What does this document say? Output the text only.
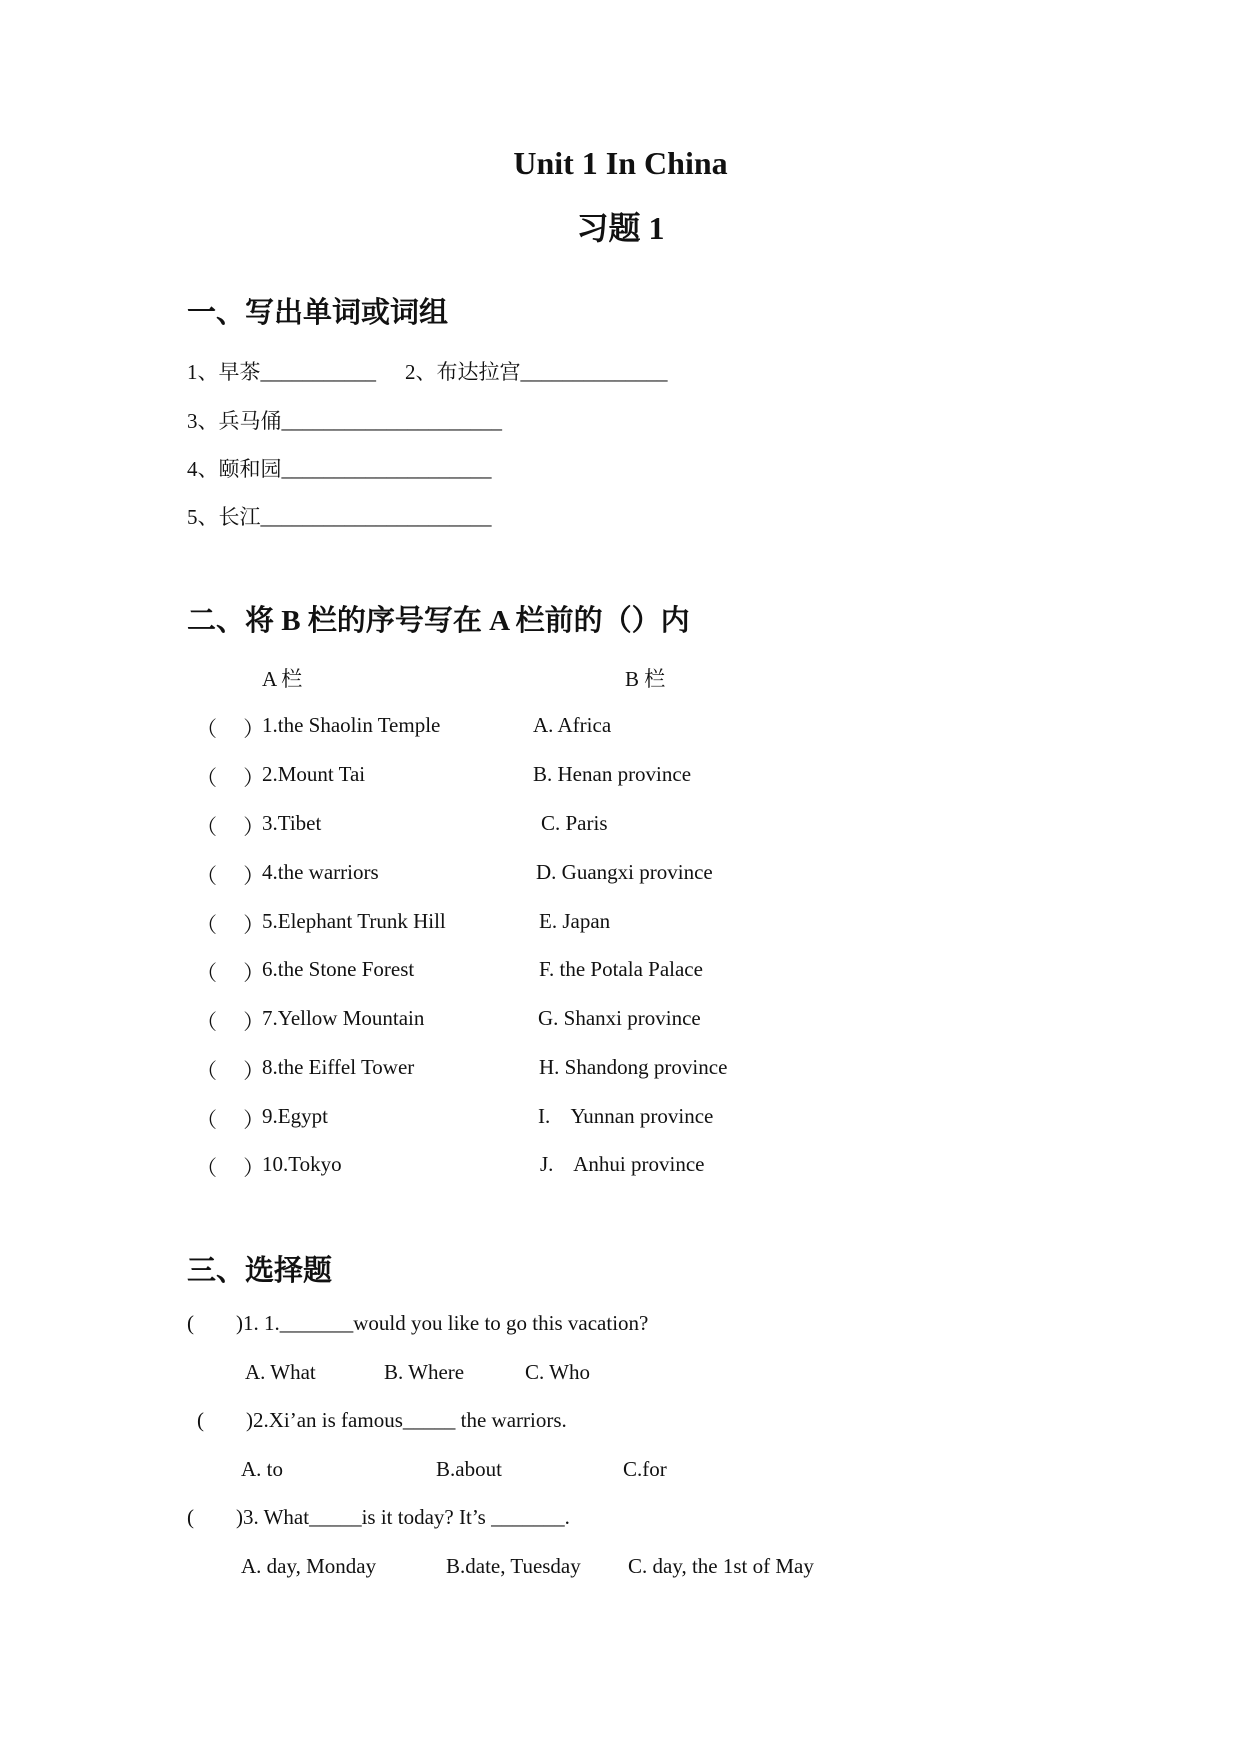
Unit 1 In China
习题 1
一、写出单词或词组
1、早茶___________ 2、布达拉宫______________
3、兵马俑_____________________
4、颐和园____________________
5、长江______________________
二、将 B 栏的序号写在 A 栏前的（）内
A 栏	B 栏
（　 ）
1.the Shaolin Temple	A. Africa
（　 ）
2.Mount Tai	B. Henan province
（　 ）
3.Tibet	C. Paris
（　 ）
4.the warriors	D. Guangxi province
（　 ）
5.Elephant Trunk Hill	E. Japan
（　 ）
6.the Stone Forest	F. the Potala Palace
（　 ）
7.Yellow Mountain	G. Shanxi province
（　 ）
8.the Eiffel Tower	H. Shandong province
（　 ）
9.Egypt	I.    Yunnan province
（　 ）
10.Tokyo	J.    Anhui province
三、选择题
(        )1. 1._______would you like to go this vacation?
A. What	B. Where	C. Who
(        )2.Xi’an is famous_____ the warriors.
A. to	B.about	C.for
(        )3. What_____is it today? It’s _______.
A. day, Monday	B.date, Tuesday C. day, the 1st of May
